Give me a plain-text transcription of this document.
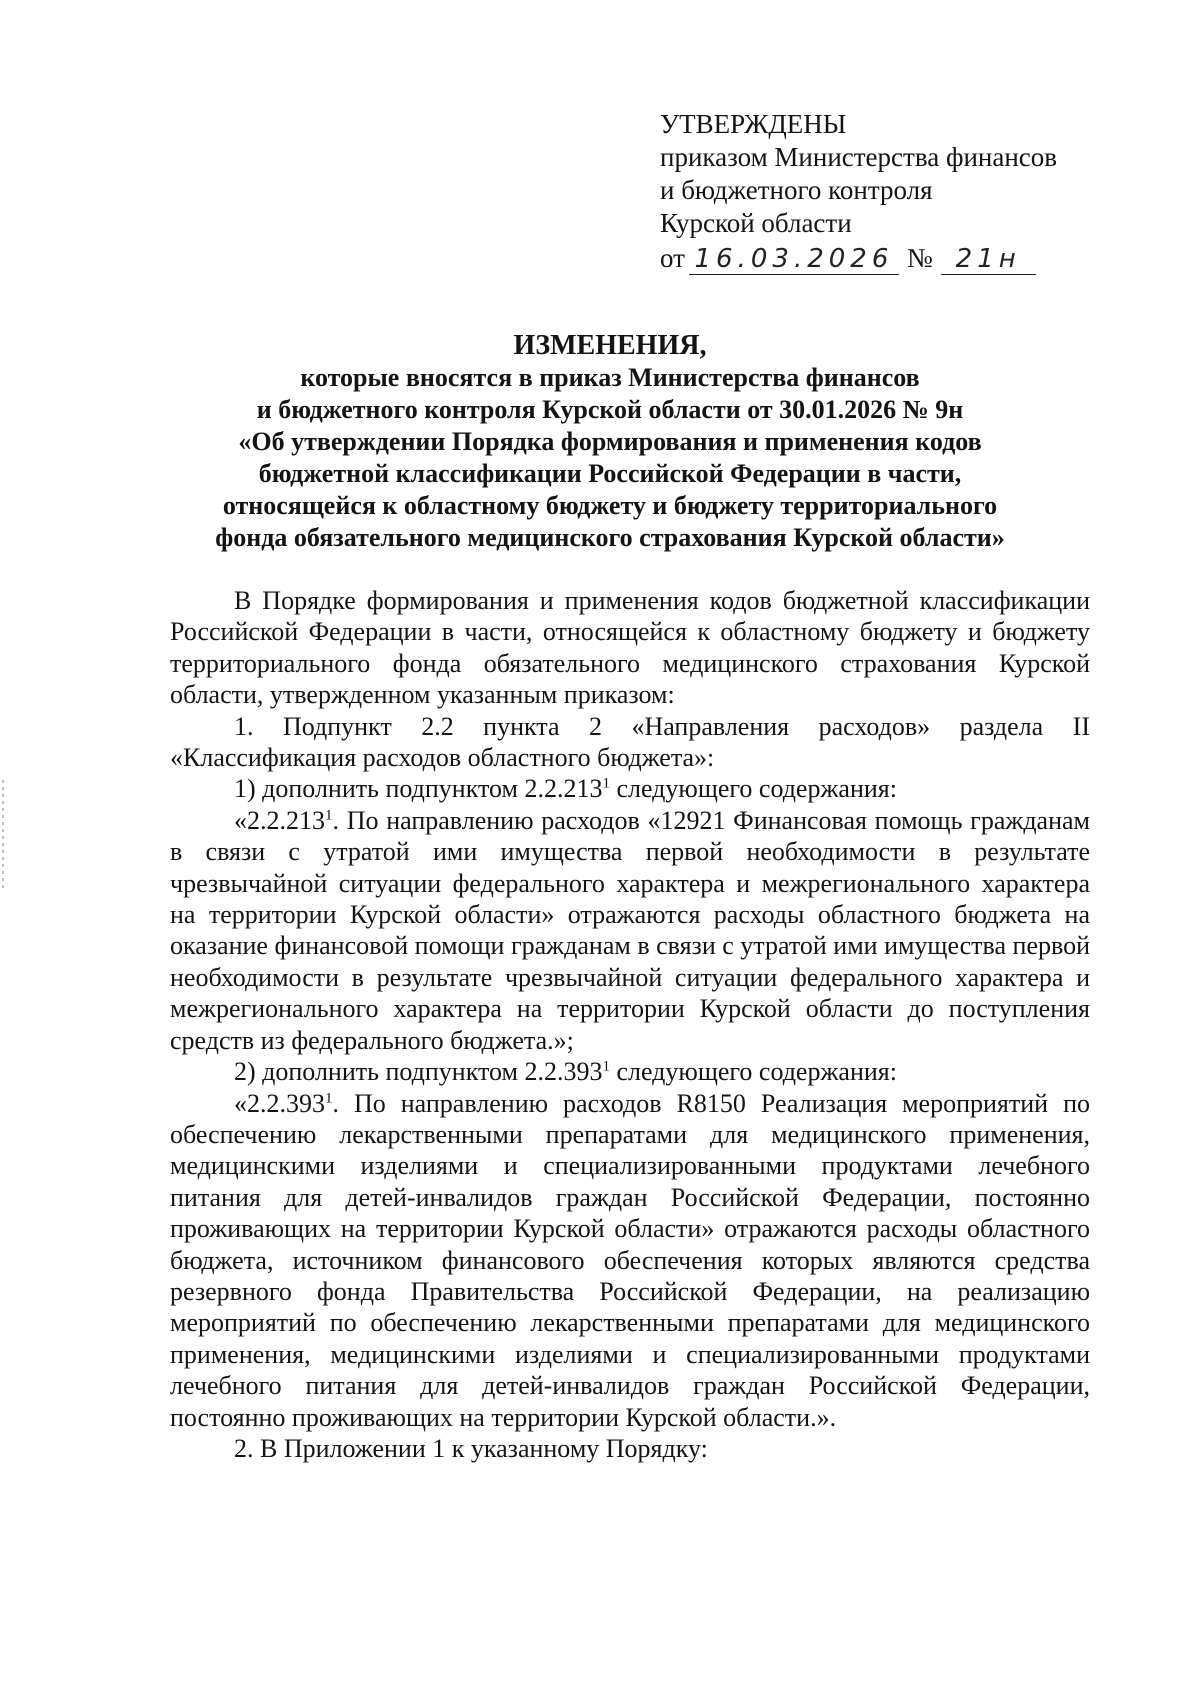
УТВЕРЖДЕНЫ
приказом Министерства финансов
и бюджетного контроля
Курской области
от 16.03.2026 № 21н
ИЗМЕНЕНИЯ,
которые вносятся в приказ Министерства финансов
и бюджетного контроля Курской области от 30.01.2026 № 9н
«Об утверждении Порядка формирования и применения кодов
бюджетной классификации Российской Федерации в части,
относящейся к областному бюджету и бюджету территориального
фонда обязательного медицинского страхования Курской области»

В Порядке формирования и применения кодов бюджетной классификации Российской Федерации в части, относящейся к областному бюджету и бюджету территориального фонда обязательного медицинского страхования Курской области, утвержденном указанным приказом:

1. Подпункт 2.2 пункта 2 «Направления расходов» раздела II «Классификация расходов областного бюджета»:

1) дополнить подпунктом 2.2.213$^1$ следующего содержания:

«2.2.213$^1$. По направлению расходов «12921 Финансовая помощь гражданам в связи с утратой ими имущества первой необходимости в результате чрезвычайной ситуации федерального характера и межрегионального характера на территории Курской области» отражаются расходы областного бюджета на оказание финансовой помощи гражданам в связи с утратой ими имущества первой необходимости в результате чрезвычайной ситуации федерального характера и межрегионального характера на территории Курской области до поступления средств из федерального бюджета.»;

2) дополнить подпунктом 2.2.393$^1$ следующего содержания:

«2.2.393$^1$. По направлению расходов R8150 Реализация мероприятий по обеспечению лекарственными препаратами для медицинского применения, медицинскими изделиями и специализированными продуктами лечебного питания для детей-инвалидов граждан Российской Федерации, постоянно проживающих на территории Курской области» отражаются расходы областного бюджета, источником финансового обеспечения которых являются средства резервного фонда Правительства Российской Федерации, на реализацию мероприятий по обеспечению лекарственными препаратами для медицинского применения, медицинскими изделиями и специализированными продуктами лечебного питания для детей-инвалидов граждан Российской Федерации, постоянно проживающих на территории Курской области.».

2. В Приложении 1 к указанному Порядку:
